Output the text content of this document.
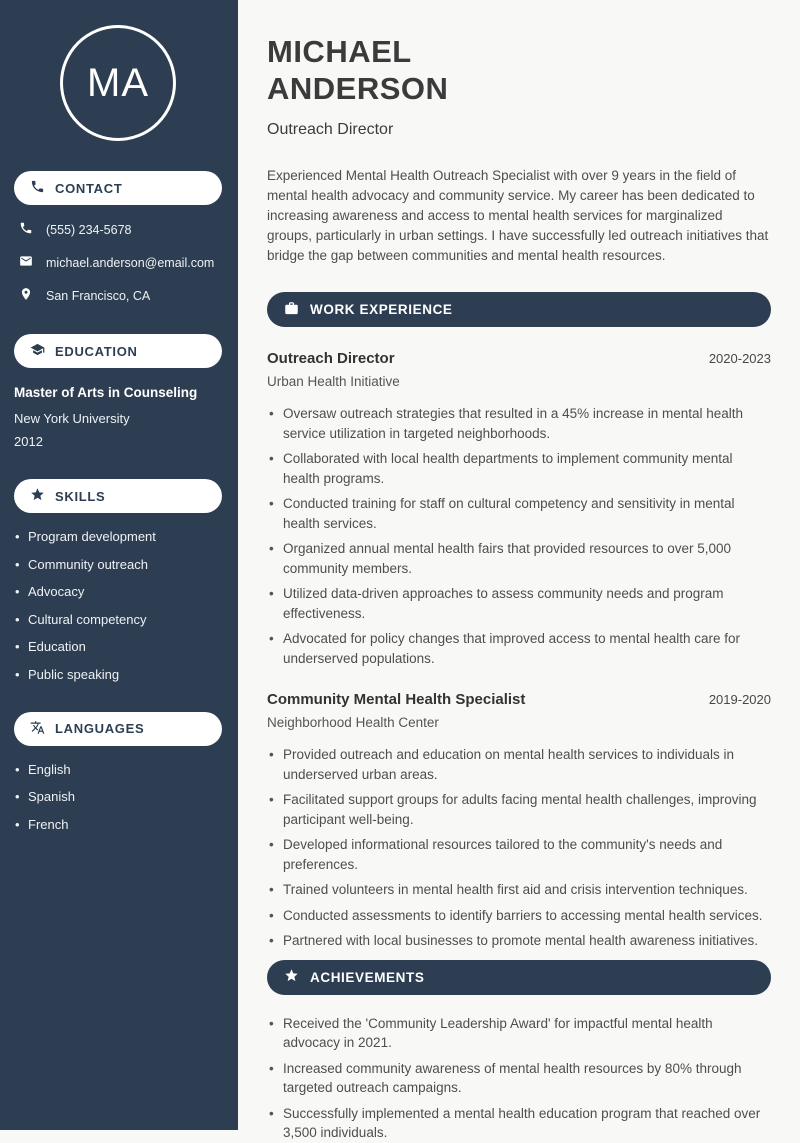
MA
CONTACT
(555) 234-5678
michael.anderson@email.com
San Francisco, CA
EDUCATION
Master of Arts in Counseling
New York University
2012
SKILLS
• Program development
• Community outreach
• Advocacy
• Cultural competency
• Education
• Public speaking
LANGUAGES
• English
• Spanish
• French
MICHAEL
ANDERSON
Outreach Director

Experienced Mental Health Outreach Specialist with over 9 years in the field of mental health advocacy and community service. My career has been dedicated to increasing awareness and access to mental health services for marginalized groups, particularly in urban settings. I have successfully led outreach initiatives that bridge the gap between communities and mental health resources.

WORK EXPERIENCE
Outreach Director	2020-2023
Urban Health Initiative
• Oversaw outreach strategies that resulted in a 45% increase in mental health service utilization in targeted neighborhoods.
• Collaborated with local health departments to implement community mental health programs.
• Conducted training for staff on cultural competency and sensitivity in mental health services.
• Organized annual mental health fairs that provided resources to over 5,000 community members.
• Utilized data-driven approaches to assess community needs and program effectiveness.
• Advocated for policy changes that improved access to mental health care for underserved populations.
Community Mental Health Specialist	2019-2020
Neighborhood Health Center
• Provided outreach and education on mental health services to individuals in underserved urban areas.
• Facilitated support groups for adults facing mental health challenges, improving participant well-being.
• Developed informational resources tailored to the community's needs and preferences.
• Trained volunteers in mental health first aid and crisis intervention techniques.
• Conducted assessments to identify barriers to accessing mental health services.
• Partnered with local businesses to promote mental health awareness initiatives.
ACHIEVEMENTS
• Received the 'Community Leadership Award' for impactful mental health advocacy in 2021.
• Increased community awareness of mental health resources by 80% through targeted outreach campaigns.
• Successfully implemented a mental health education program that reached over 3,500 individuals.
